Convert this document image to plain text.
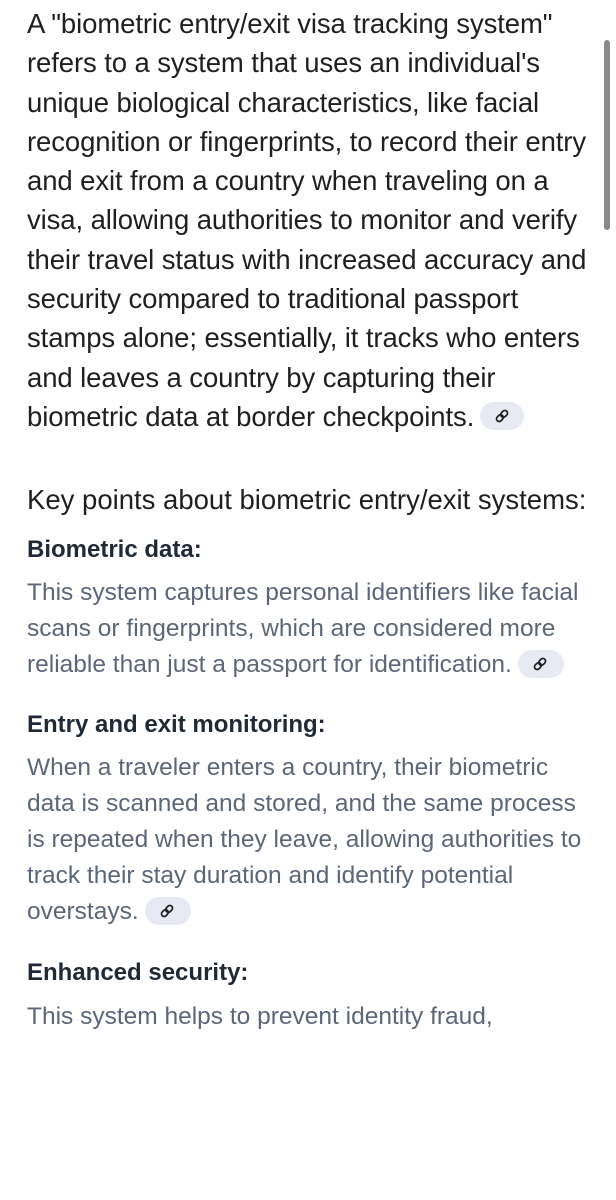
A "biometric entry/exit visa tracking system" refers to a system that uses an individual's unique biological characteristics, like facial recognition or fingerprints, to record their entry and exit from a country when traveling on a visa, allowing authorities to monitor and verify their travel status with increased accuracy and security compared to traditional passport stamps alone; essentially, it tracks who enters and leaves a country by capturing their biometric data at border checkpoints.

Key points about biometric entry/exit systems:

Biometric data:

This system captures personal identifiers like facial scans or fingerprints, which are considered more reliable than just a passport for identification.

Entry and exit monitoring:

When a traveler enters a country, their biometric data is scanned and stored, and the same process is repeated when they leave, allowing authorities to track their stay duration and identify potential overstays.

Enhanced security:

This system helps to prevent identity fraud,
